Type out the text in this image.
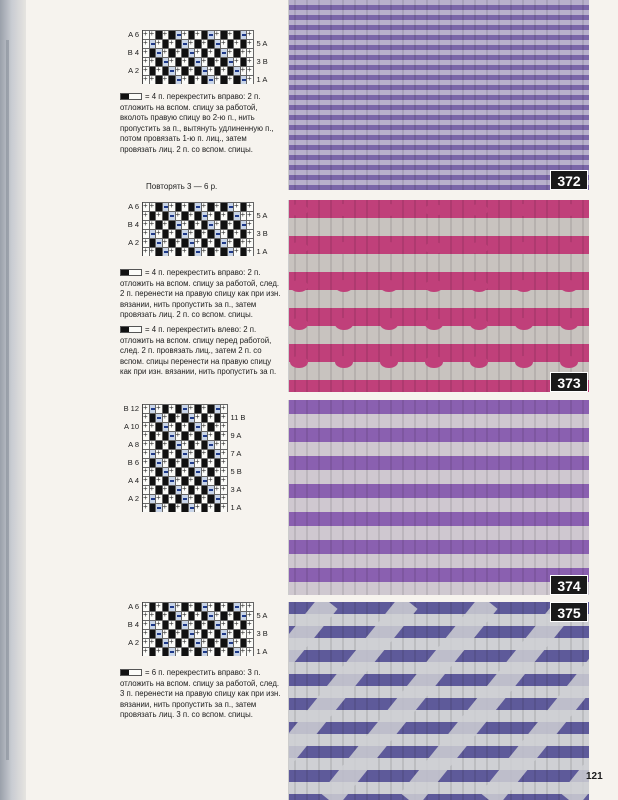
A 6
+
+
+
+
+
+
+
+
+
+
+
+
+
+
+
+
5 A
B 4
+
+
+
+
+
+
+
+
+
+
+
+
+
+
+
+
3 B
A 2
+
+
+
+
+
+
+
+
+
+
+
+
+
+
+
+
1 A
= 4 п. перекрестить вправо: 2 п. отложить на вспом. спицу за работой, вколоть правую спицу во 2-ю п., нить пропустить за п., вытянуть удлиненную п., потом провязать 1-ю п. лиц., затем провязать лиц. 2 п. со вспом. спицы.
Повторять 3 — 6 р.	372
A 6
+
+
+
+
+
+
+
+
+
+
+
+
+
+
+
+
5 A
B 4
+
+
+
+
+
+
+
+
+
+
+
+
+
+
+
+
3 B
A 2
+
+
+
+
+
+
+
+
+
+
+
+
+
+
+
+
1 A
= 4 п. перекрестить вправо: 2 п. отложить на вспом. спицу за работой, след. 2 п. перенести на правую спицу как при изн. вязании, нить пропустить за п., затем провязать лиц. 2 п. со вспом. спицы.
= 4 п. перекрестить влево: 2 п. отложить на вспом. спицу перед работой, след. 2 п. провязать лиц., затем 2 п. со вспом. спицы перенести на правую спицу как при изн. вязании, нить пропустить за п.
373
B 12
+
+
+
+
+
+
+
+
+
+
+
+
11 B
A 10
+
+
+
+
+
+
+
+
+
+
+
+
+
9 A
A 8
+
+
+
+
+
+
+
+
+
+
+
+
+
7 A
B 6
+
+
+
+
+
+
+
+
+
+
+
+
+
5 B
A 4
+
+
+
+
+
+
+
+
+
+
+
+
+
3 A
A 2
+
+
+
+
+
+
+
+
+
+
+
+
1 A
374
A 6
+
+
+
+
+
+
+
+
+
+
+
+
+
+
+
+
5 A
B 4
+
+
+
+
+
+
+
+
+
+
+
+
+
+
+
+
3 B
A 2
+
+
+
+
+
+
+
+
+
+
+
+
+
+
+
+
1 A
= 6 п. перекрестить вправо: 3 п. отложить на вспом. спицу за работой, след. 3 п. перенести на правую спицу как при изн. вязании, нить пропустить за п., затем провязать лиц. 3 п. со вспом. спицы.
375
121
